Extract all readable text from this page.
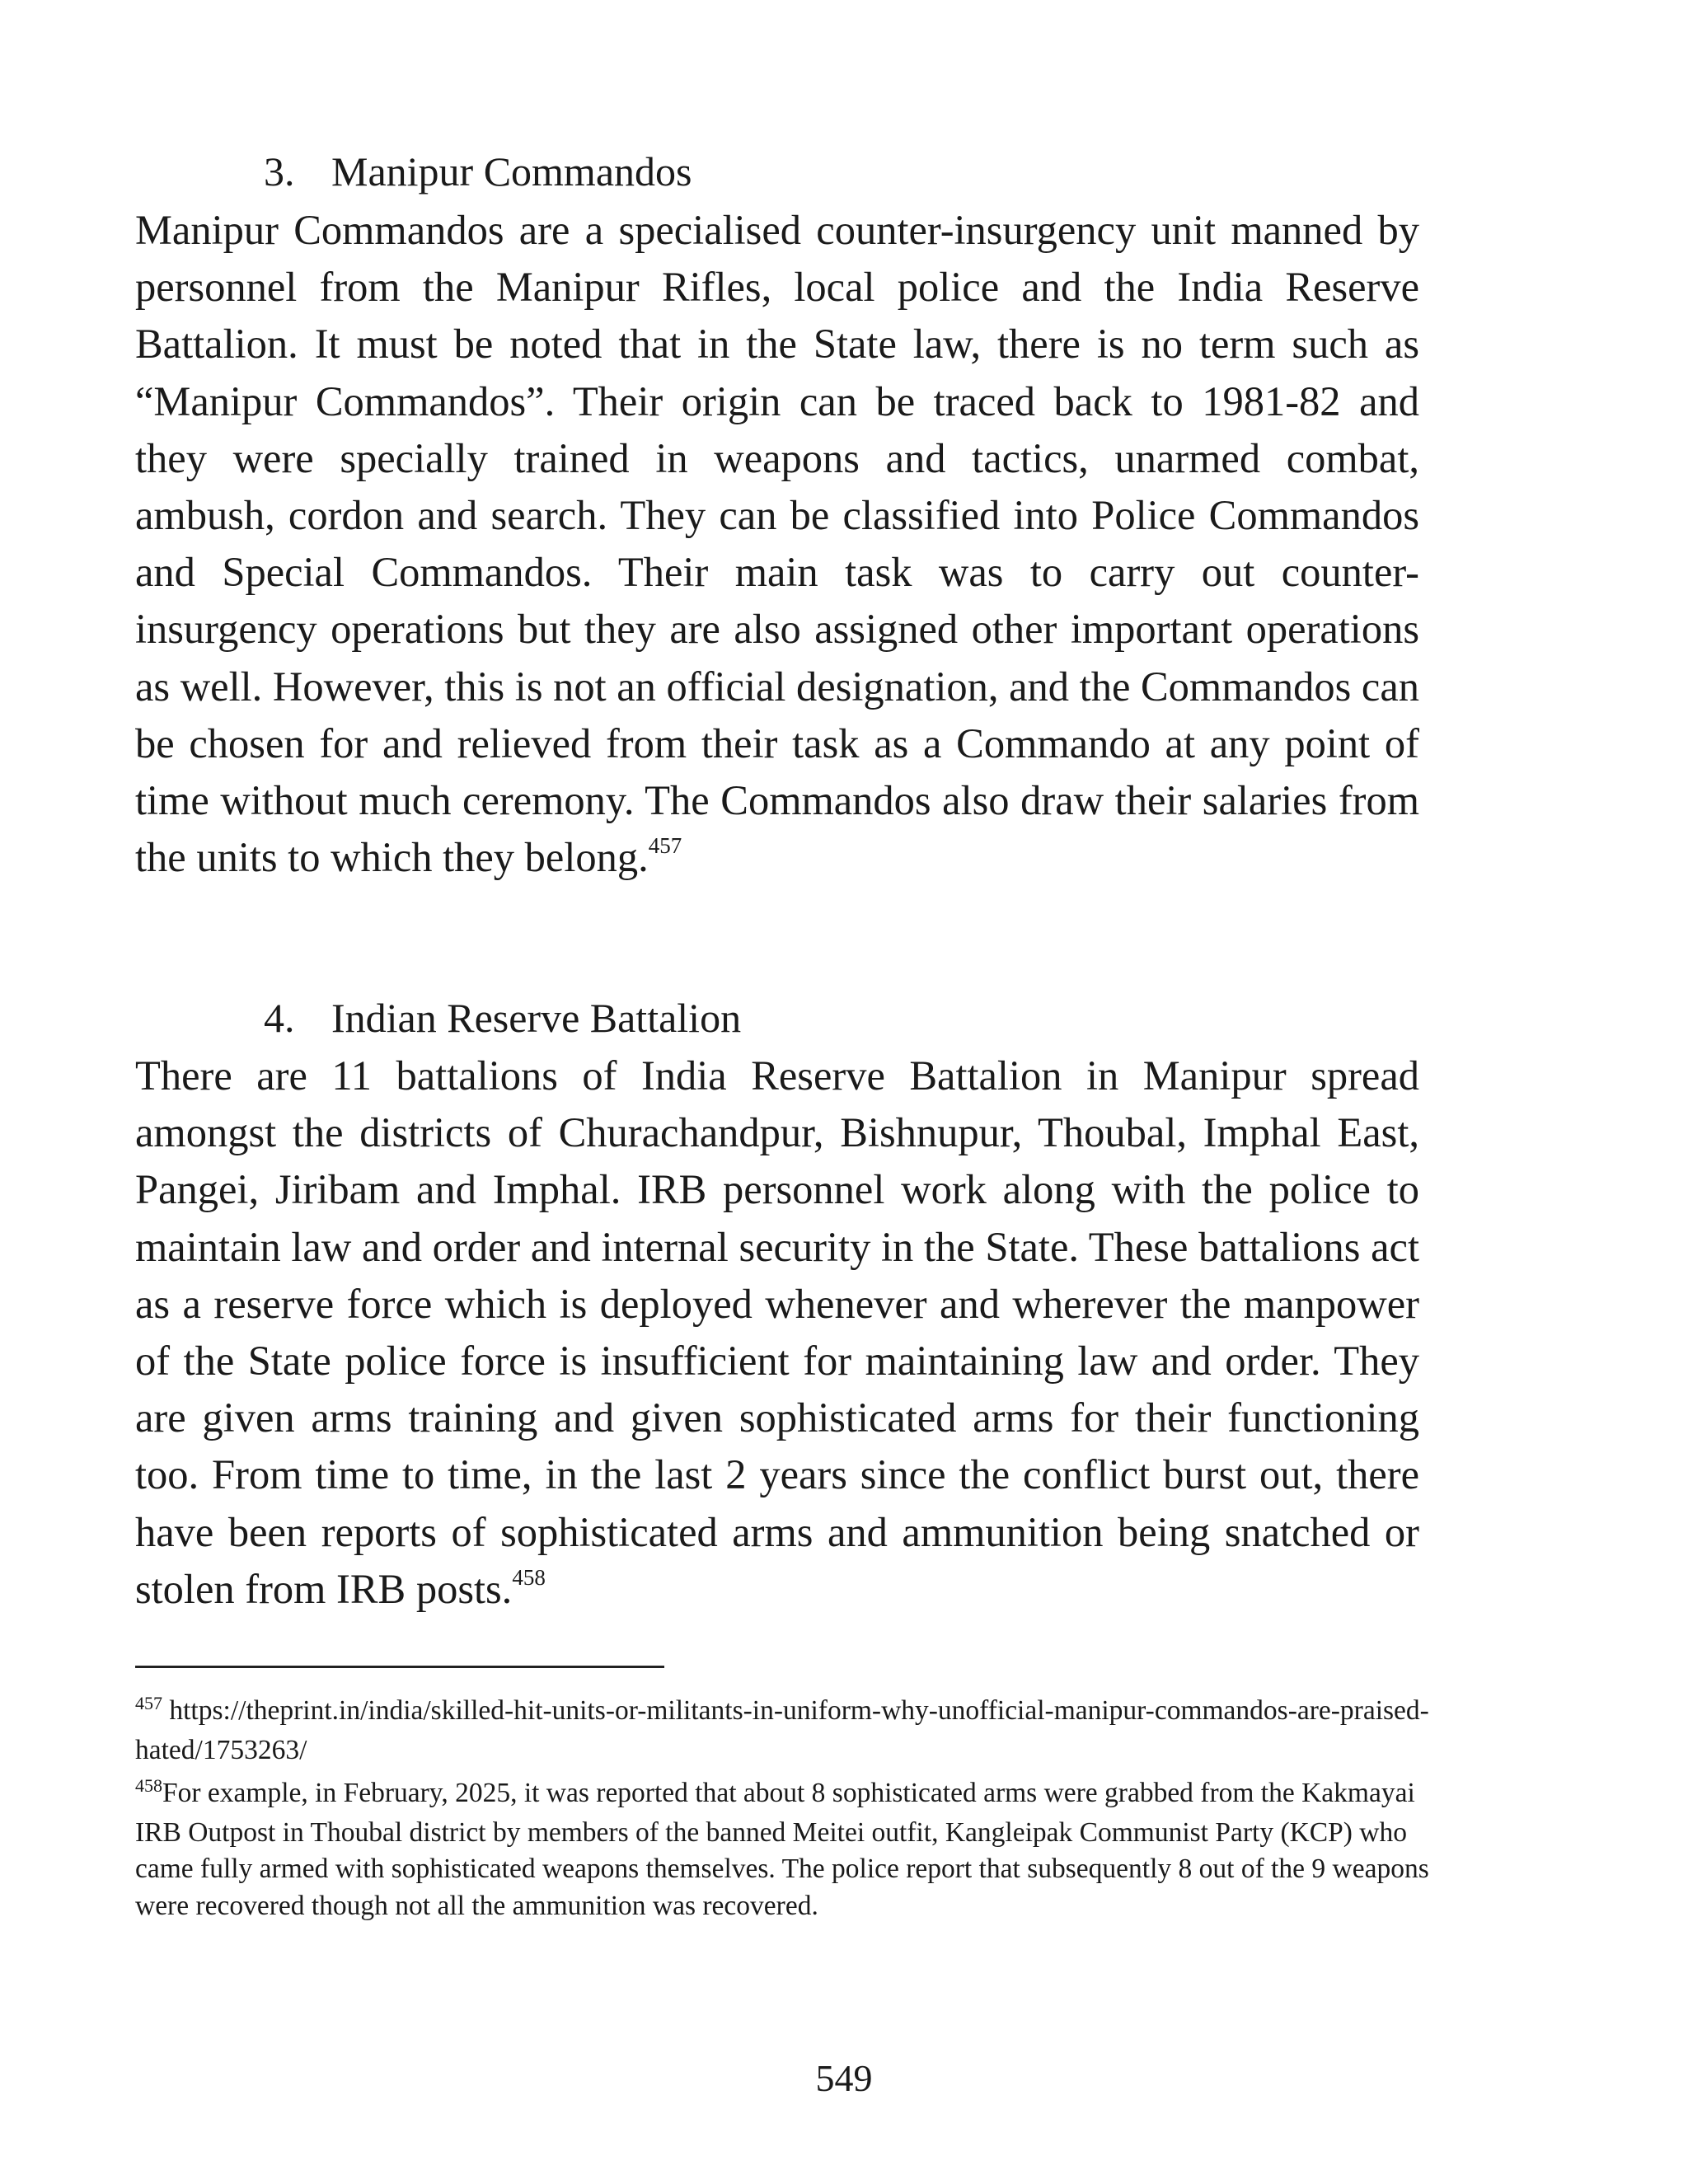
3. Manipur Commandos

Manipur Commandos are a specialised counter-insurgency unit manned by personnel from the Manipur Rifles, local police and the India Reserve Battalion. It must be noted that in the State law, there is no term such as “Manipur Commandos”. Their origin can be traced back to 1981-82 and they were specially trained in weapons and tactics, unarmed combat, ambush, cordon and search. They can be classified into Police Commandos and Special Commandos. Their main task was to carry out counter-insurgency operations but they are also assigned other important operations as well. However, this is not an official designation, and the Commandos can be chosen for and relieved from their task as a Commando at any point of time without much ceremony. The Commandos also draw their salaries from the units to which they belong.$^{457}$

4. Indian Reserve Battalion

There are 11 battalions of India Reserve Battalion in Manipur spread amongst the districts of Churachandpur, Bishnupur, Thoubal, Imphal East, Pangei, Jiribam and Imphal. IRB personnel work along with the police to maintain law and order and internal security in the State. These battalions act as a reserve force which is deployed whenever and wherever the manpower of the State police force is insufficient for maintaining law and order. They are given arms training and given sophisticated arms for their functioning too. From time to time, in the last 2 years since the conflict burst out, there have been reports of sophisticated arms and ammunition being snatched or stolen from IRB posts.$^{458}$

$^{457}$ https://theprint.in/india/skilled-hit-units-or-militants-in-uniform-why-unofficial-manipur-commandos-are-praised-hated/1753263/

$^{458}$For example, in February, 2025, it was reported that about 8 sophisticated arms were grabbed from the Kakmayai IRB Outpost in Thoubal district by members of the banned Meitei outfit, Kangleipak Communist Party (KCP) who came fully armed with sophisticated weapons themselves. The police report that subsequently 8 out of the 9 weapons were recovered though not all the ammunition was recovered.

549
